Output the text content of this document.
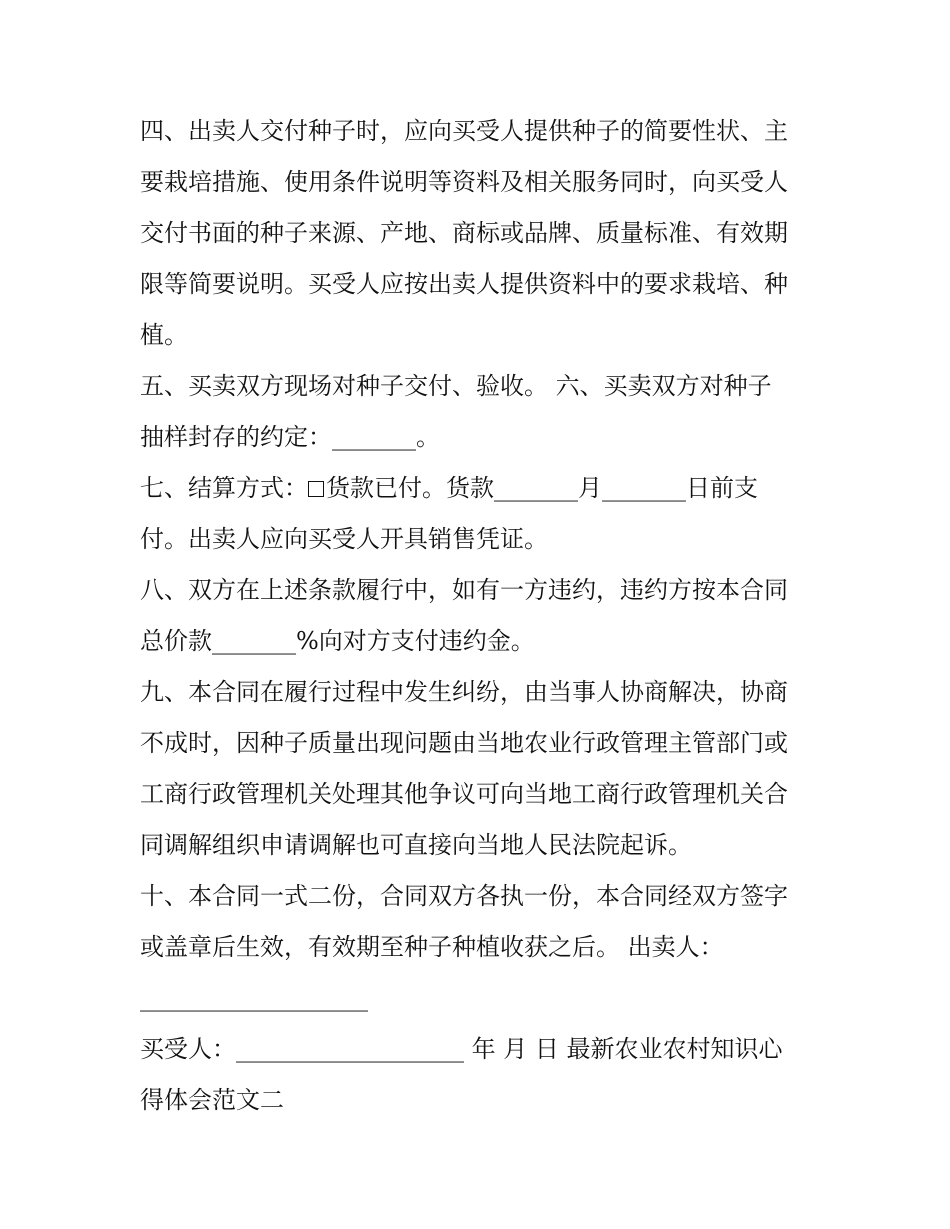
四、出卖人交付种子时，应向买受人提供种子的简要性状、主
要栽培措施、使用条件说明等资料及相关服务同时，向买受人
交付书面的种子来源、产地、商标或品牌、质量标准、有效期
限等简要说明。买受人应按出卖人提供资料中的要求栽培、种
植。
五、买卖双方现场对种子交付、验收。 六、买卖双方对种子
抽样封存的约定：_______。
七、结算方式： 货款已付。货款_______月_______日前支
付。出卖人应向买受人开具销售凭证。
八、双方在上述条款履行中，如有一方违约，违约方按本合同
总价款_______%向对方支付违约金。
九、本合同在履行过程中发生纠纷，由当事人协商解决，协商
不成时，因种子质量出现问题由当地农业行政管理主管部门或
工商行政管理机关处理其他争议可向当地工商行政管理机关合
同调解组织申请调解也可直接向当地人民法院起诉。
十、本合同一式二份，合同双方各执一份，本合同经双方签字
或盖章后生效，有效期至种子种植收获之后。 出卖人：
___________________
买受人：___________________ 年 月 日 最新农业农村知识心
得体会范文二
